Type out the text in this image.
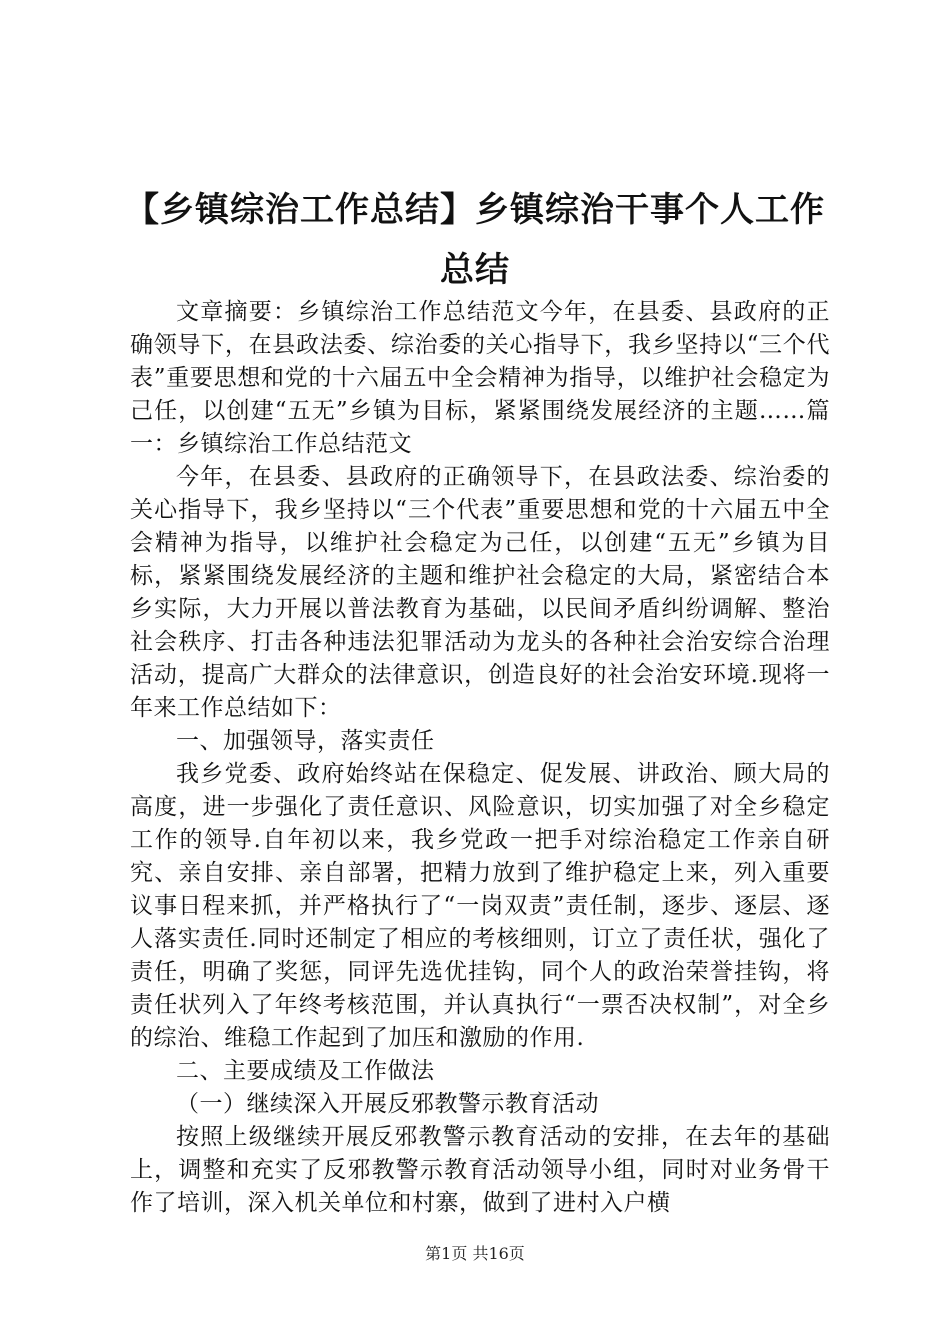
【乡镇综治工作总结】乡镇综治干事个人工作总结

文章摘要：乡镇综治工作总结范文今年，在县委、县政府的正确领导下，在县政法委、综治委的关心指导下，我乡坚持以“三个代表”重要思想和党的十六届五中全会精神为指导，以维护社会稳定为己任，以创建“五无”乡镇为目标，紧紧围绕发展经济的主题……篇一：乡镇综治工作总结范文

今年，在县委、县政府的正确领导下，在县政法委、综治委的关心指导下，我乡坚持以“三个代表”重要思想和党的十六届五中全会精神为指导，以维护社会稳定为己任，以创建“五无”乡镇为目标，紧紧围绕发展经济的主题和维护社会稳定的大局，紧密结合本乡实际，大力开展以普法教育为基础，以民间矛盾纠纷调解、整治社会秩序、打击各种违法犯罪活动为龙头的各种社会治安综合治理活动，提高广大群众的法律意识，创造良好的社会治安环境.现将一年来工作总结如下：

一、加强领导，落实责任

我乡党委、政府始终站在保稳定、促发展、讲政治、顾大局的高度，进一步强化了责任意识、风险意识，切实加强了对全乡稳定工作的领导.自年初以来，我乡党政一把手对综治稳定工作亲自研究、亲自安排、亲自部署，把精力放到了维护稳定上来，列入重要议事日程来抓，并严格执行了“一岗双责”责任制，逐步、逐层、逐人落实责任.同时还制定了相应的考核细则，订立了责任状，强化了责任，明确了奖惩，同评先选优挂钩，同个人的政治荣誉挂钩，将责任状列入了年终考核范围，并认真执行“一票否决权制”，对全乡的综治、维稳工作起到了加压和激励的作用.

二、主要成绩及工作做法

（一）继续深入开展反邪教警示教育活动

按照上级继续开展反邪教警示教育活动的安排，在去年的基础上，调整和充实了反邪教警示教育活动领导小组，同时对业务骨干作了培训，深入机关单位和村寨，做到了进村入户横

第1页 共16页
